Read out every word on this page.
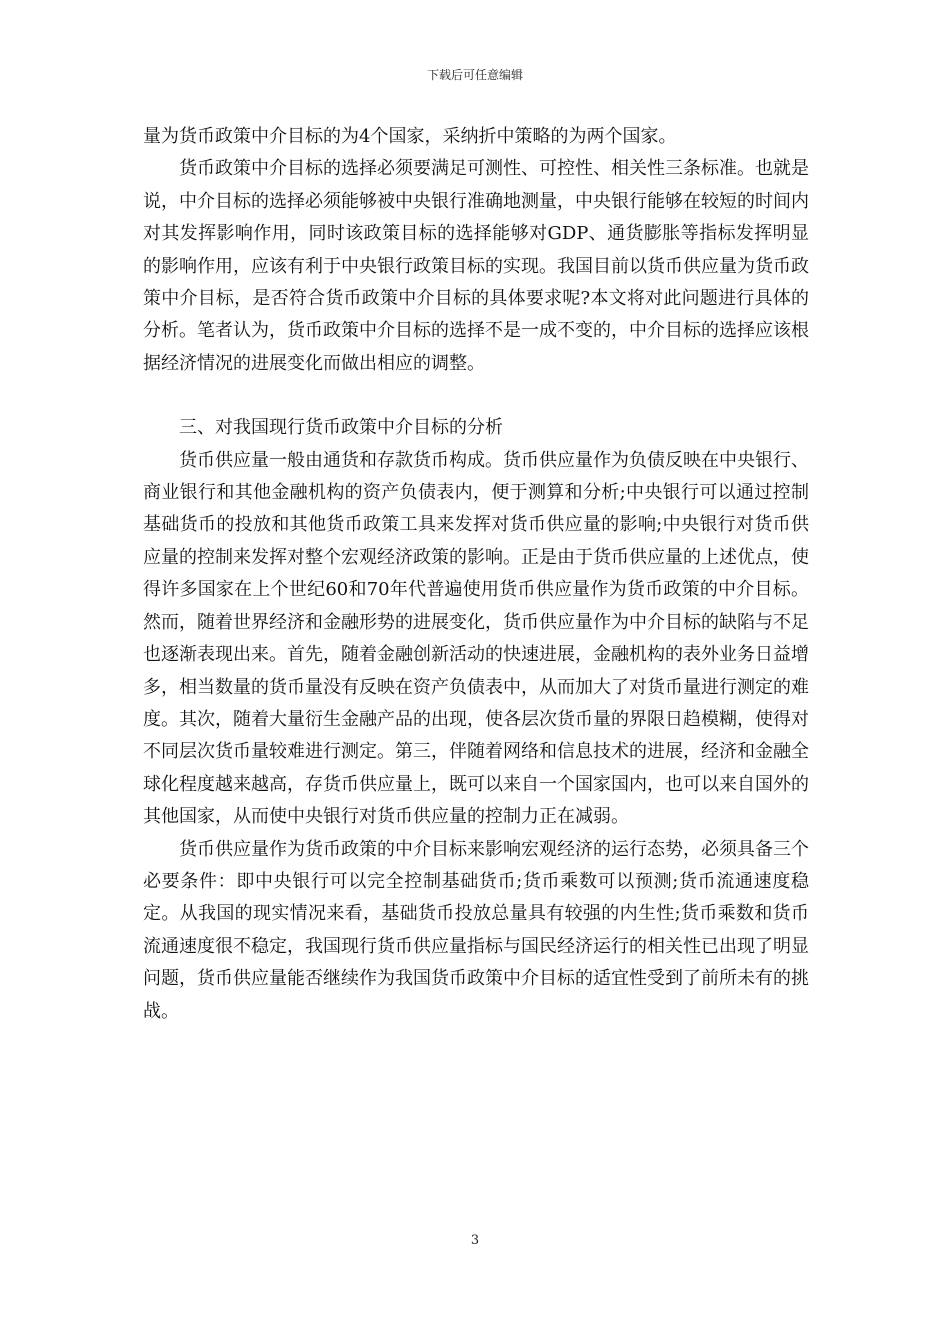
下载后可任意编辑

量为货币政策中介目标的为4个国家，采纳折中策略的为两个国家。

货币政策中介目标的选择必须要满足可测性、可控性、相关性三条标准。也就是说，中介目标的选择必须能够被中央银行准确地测量，中央银行能够在较短的时间内对其发挥影响作用，同时该政策目标的选择能够对GDP、通货膨胀等指标发挥明显的影响作用，应该有利于中央银行政策目标的实现。我国目前以货币供应量为货币政策中介目标，是否符合货币政策中介目标的具体要求呢?本文将对此问题进行具体的分析。笔者认为，货币政策中介目标的选择不是一成不变的，中介目标的选择应该根据经济情况的进展变化而做出相应的调整。

三、对我国现行货币政策中介目标的分析

货币供应量一般由通货和存款货币构成。货币供应量作为负债反映在中央银行、商业银行和其他金融机构的资产负债表内，便于测算和分析;中央银行可以通过控制基础货币的投放和其他货币政策工具来发挥对货币供应量的影响;中央银行对货币供应量的控制来发挥对整个宏观经济政策的影响。正是由于货币供应量的上述优点，使得许多国家在上个世纪60和70年代普遍使用货币供应量作为货币政策的中介目标。然而，随着世界经济和金融形势的进展变化，货币供应量作为中介目标的缺陷与不足也逐渐表现出来。首先，随着金融创新活动的快速进展，金融机构的表外业务日益增多，相当数量的货币量没有反映在资产负债表中，从而加大了对货币量进行测定的难度。其次，随着大量衍生金融产品的出现，使各层次货币量的界限日趋模糊，使得对不同层次货币量较难进行测定。第三，伴随着网络和信息技术的进展，经济和金融全球化程度越来越高，存货币供应量上，既可以来自一个国家国内，也可以来自国外的其他国家，从而使中央银行对货币供应量的控制力正在减弱。

货币供应量作为货币政策的中介目标来影响宏观经济的运行态势，必须具备三个必要条件：即中央银行可以完全控制基础货币;货币乘数可以预测;货币流通速度稳定。从我国的现实情况来看，基础货币投放总量具有较强的内生性;货币乘数和货币流通速度很不稳定，我国现行货币供应量指标与国民经济运行的相关性已出现了明显问题，货币供应量能否继续作为我国货币政策中介目标的适宜性受到了前所未有的挑战。

3
